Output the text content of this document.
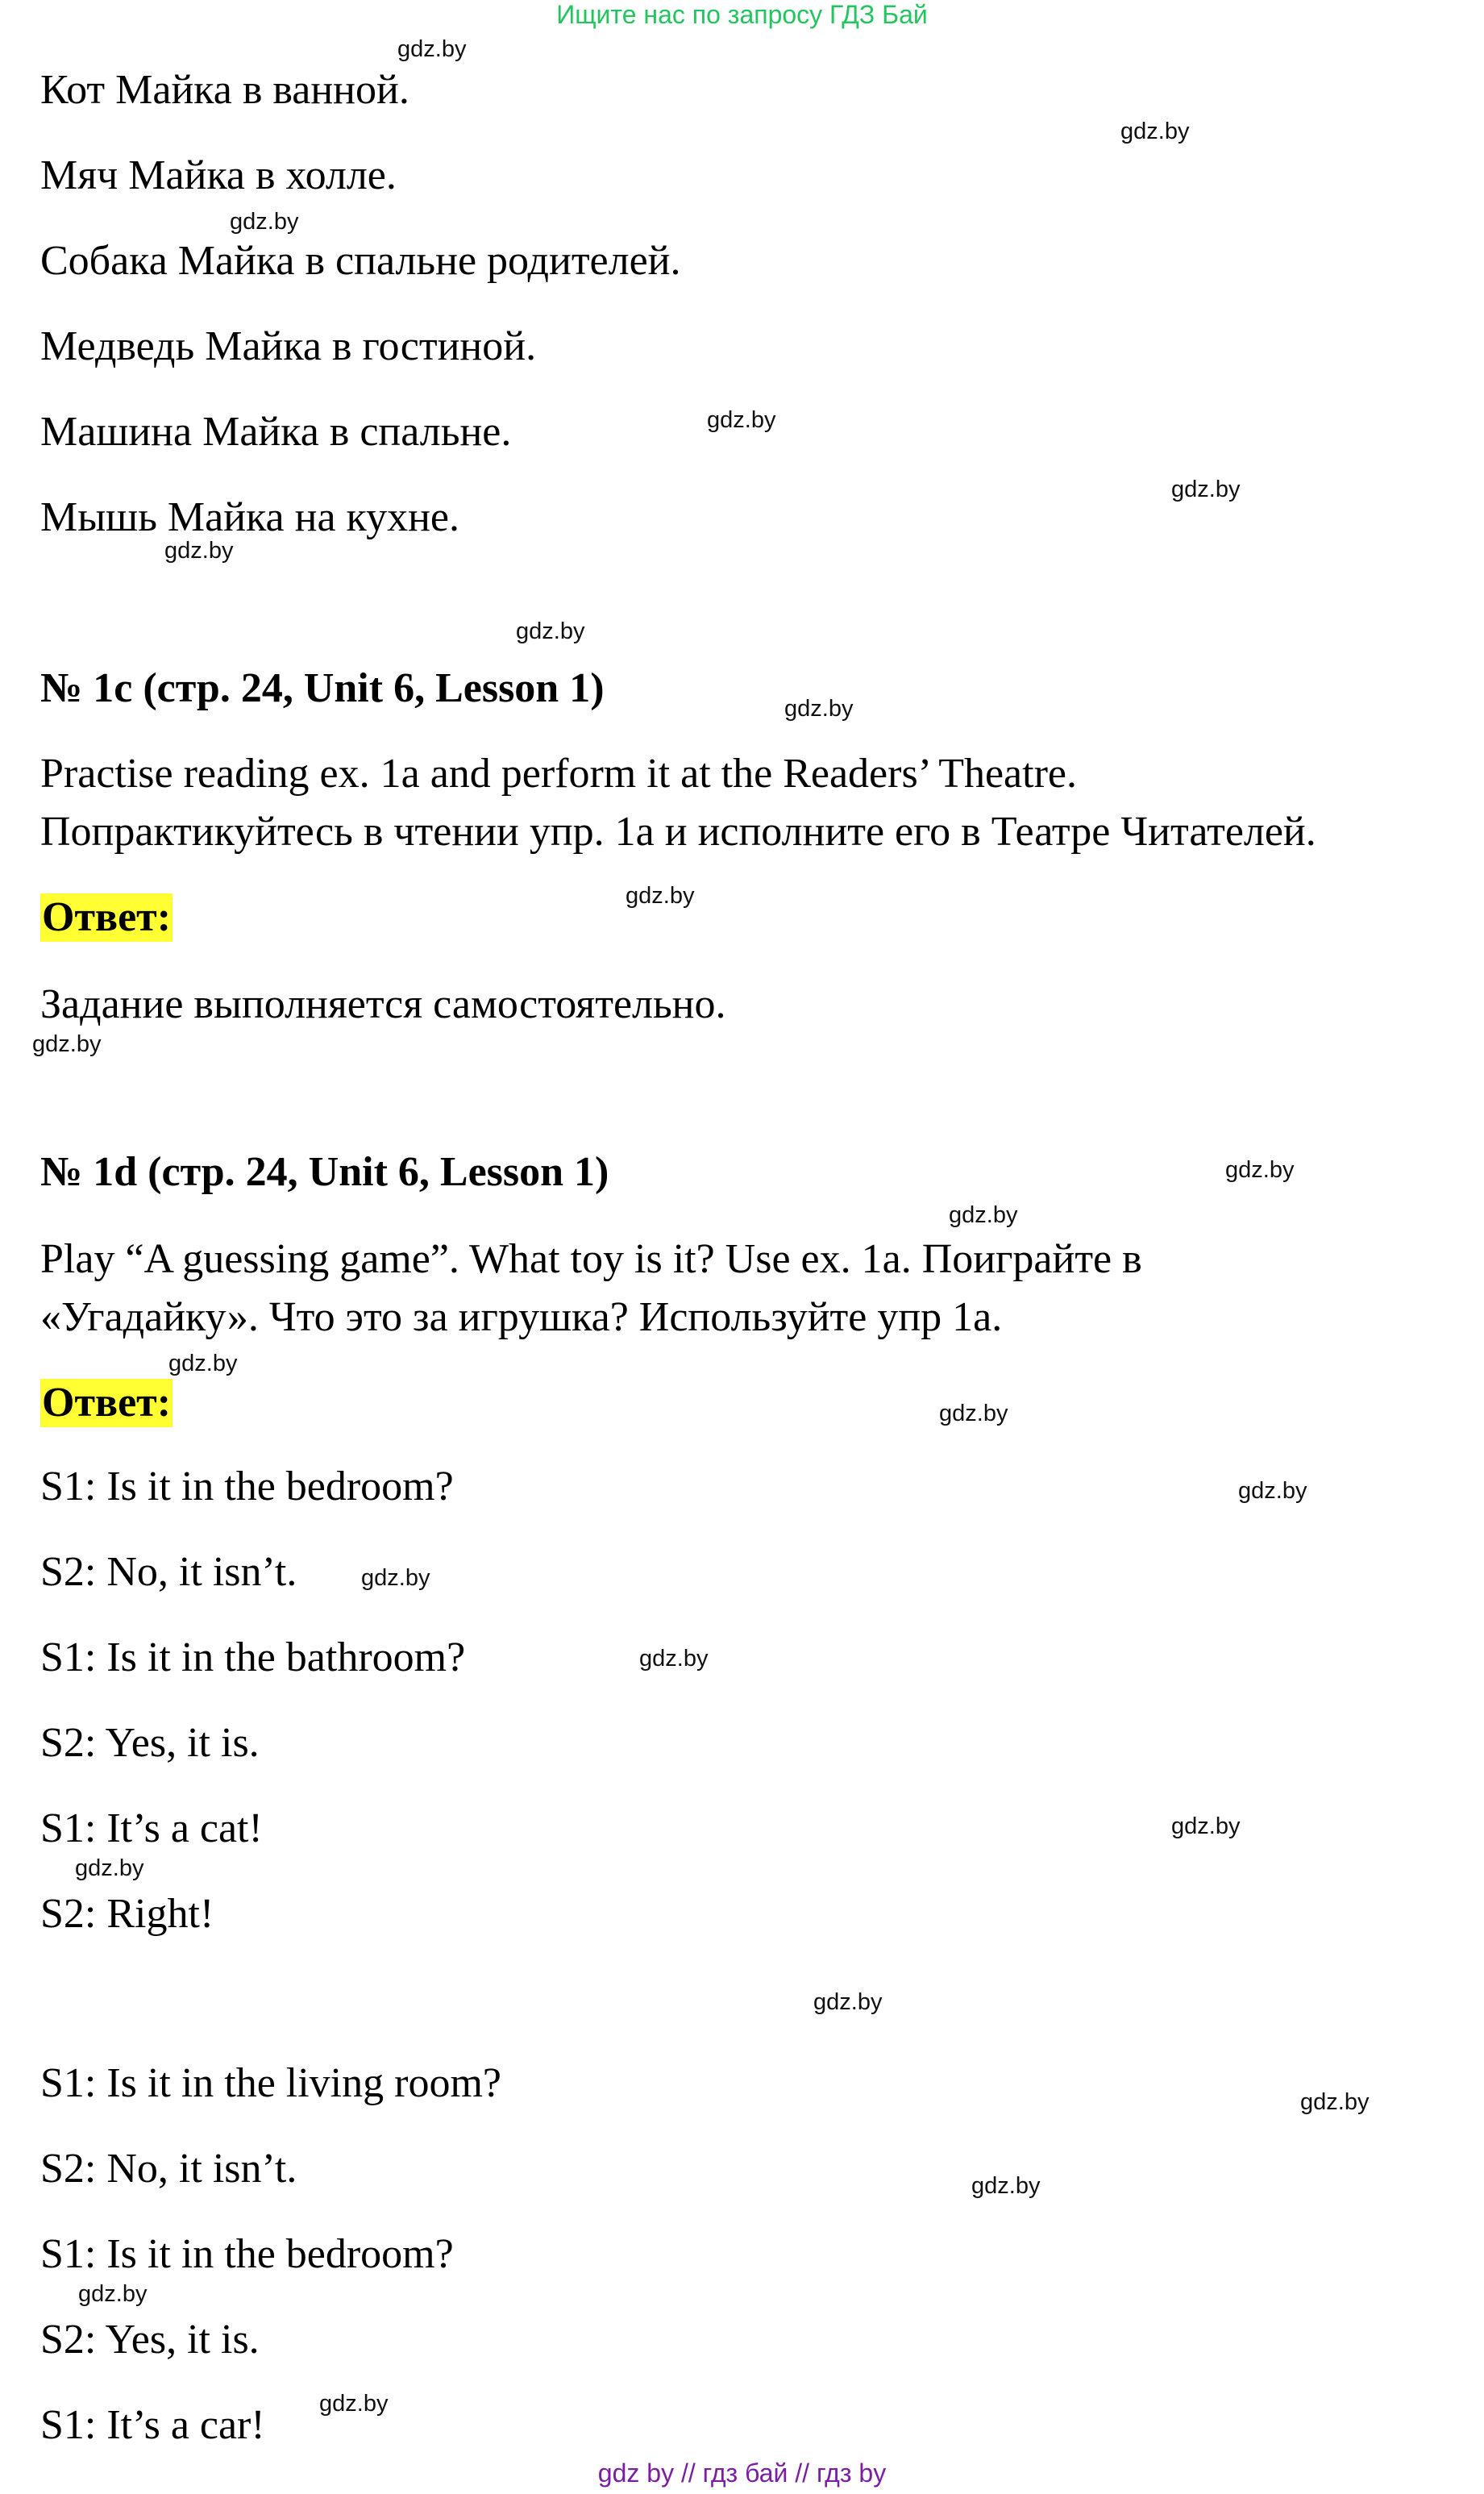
Ищите нас по запросу ГДЗ Бай
Кот Майка в ванной.
Мяч Майка в холле.
Собака Майка в спальне родителей.
Медведь Майка в гостиной.
Машина Майка в спальне.
Мышь Майка на кухне.
№ 1c (стр. 24, Unit 6, Lesson 1)
Practise reading ex. 1a and perform it at the Readers’ Theatre.
Попрактикуйтесь в чтении упр. 1а и исполните его в Театре Читателей.
Ответ:
Задание выполняется самостоятельно.
№ 1d (стр. 24, Unit 6, Lesson 1)
Play “A guessing game”. What toy is it? Use ex. 1a. Поиграйте в
«Угадайку». Что это за игрушка? Используйте упр 1а.
Ответ:
S1: Is it in the bedroom?
S2: No, it isn’t.
S1: Is it in the bathroom?
S2: Yes, it is.
S1: It’s a cat!
S2: Right!
S1: Is it in the living room?
S2: No, it isn’t.
S1: Is it in the bedroom?
S2: Yes, it is.
S1: It’s a car!
gdz.by
gdz.by
gdz.by
gdz.by
gdz.by
gdz.by
gdz.by
gdz.by
gdz.by
gdz.by
gdz.by
gdz.by
gdz.by
gdz.by
gdz.by
gdz.by
gdz.by
gdz.by
gdz.by
gdz.by
gdz.by
gdz.by
gdz.by
gdz.by
gdz by // гдз бай // гдз by
